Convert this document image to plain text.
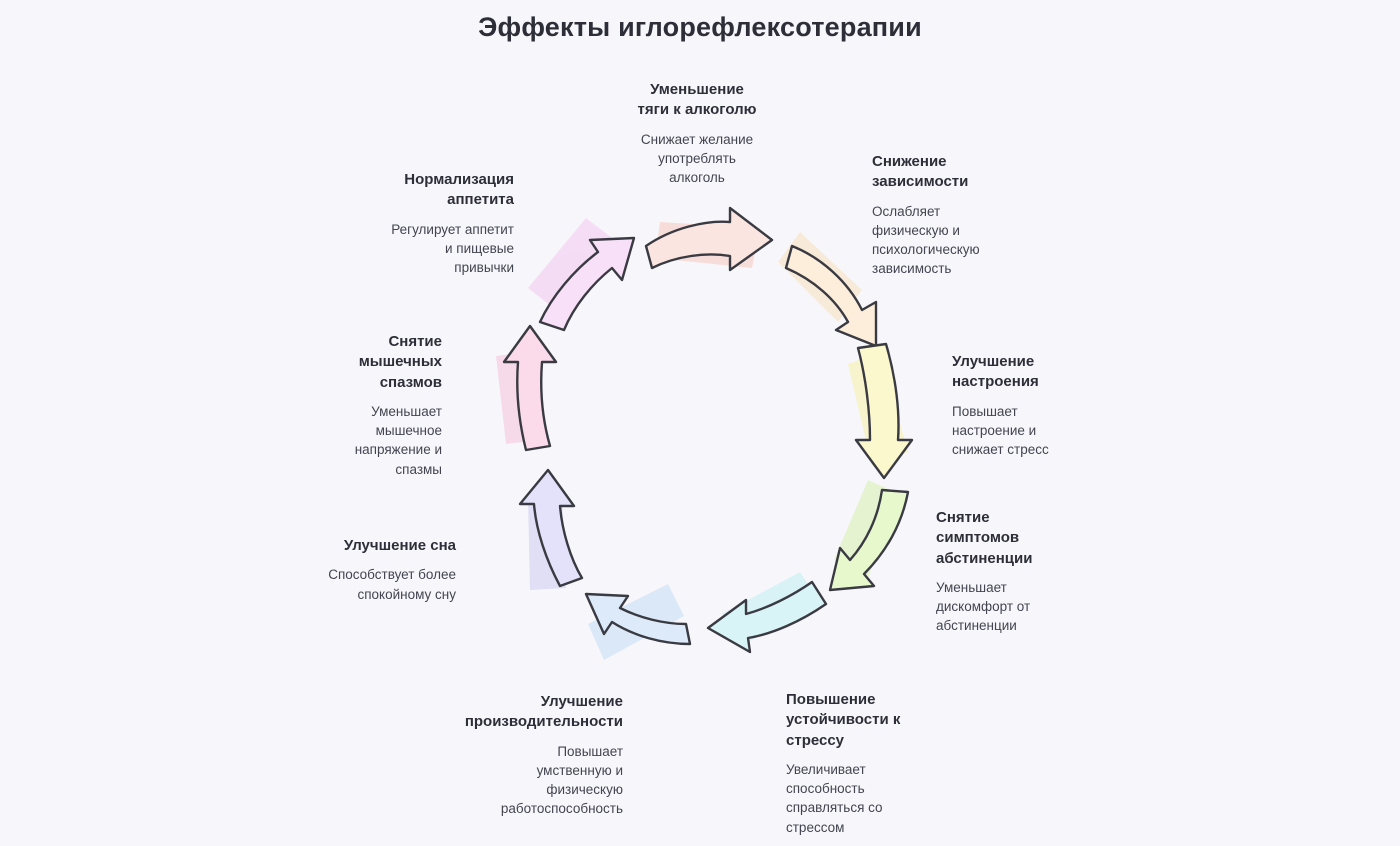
Эффекты иглорефлексотерапии
Уменьшение
тяги к алкоголю
Снижает желание
употреблять
алкоголь
Снижение
зависимости
Ослабляет
физическую и
психологическую
зависимость
Улучшение
настроения
Повышает
настроение и
снижает стресс
Снятие
симптомов
абстиненции
Уменьшает
дискомфорт от
абстиненции
Повышение
устойчивости к
стрессу
Увеличивает
способность
справляться со
стрессом
Улучшение
производительности
Повышает
умственную и
физическую
работоспособность
Улучшение сна
Способствует более
спокойному сну
Снятие
мышечных
спазмов
Уменьшает
мышечное
напряжение и
спазмы
Нормализация
аппетита
Регулирует аппетит
и пищевые
привычки
